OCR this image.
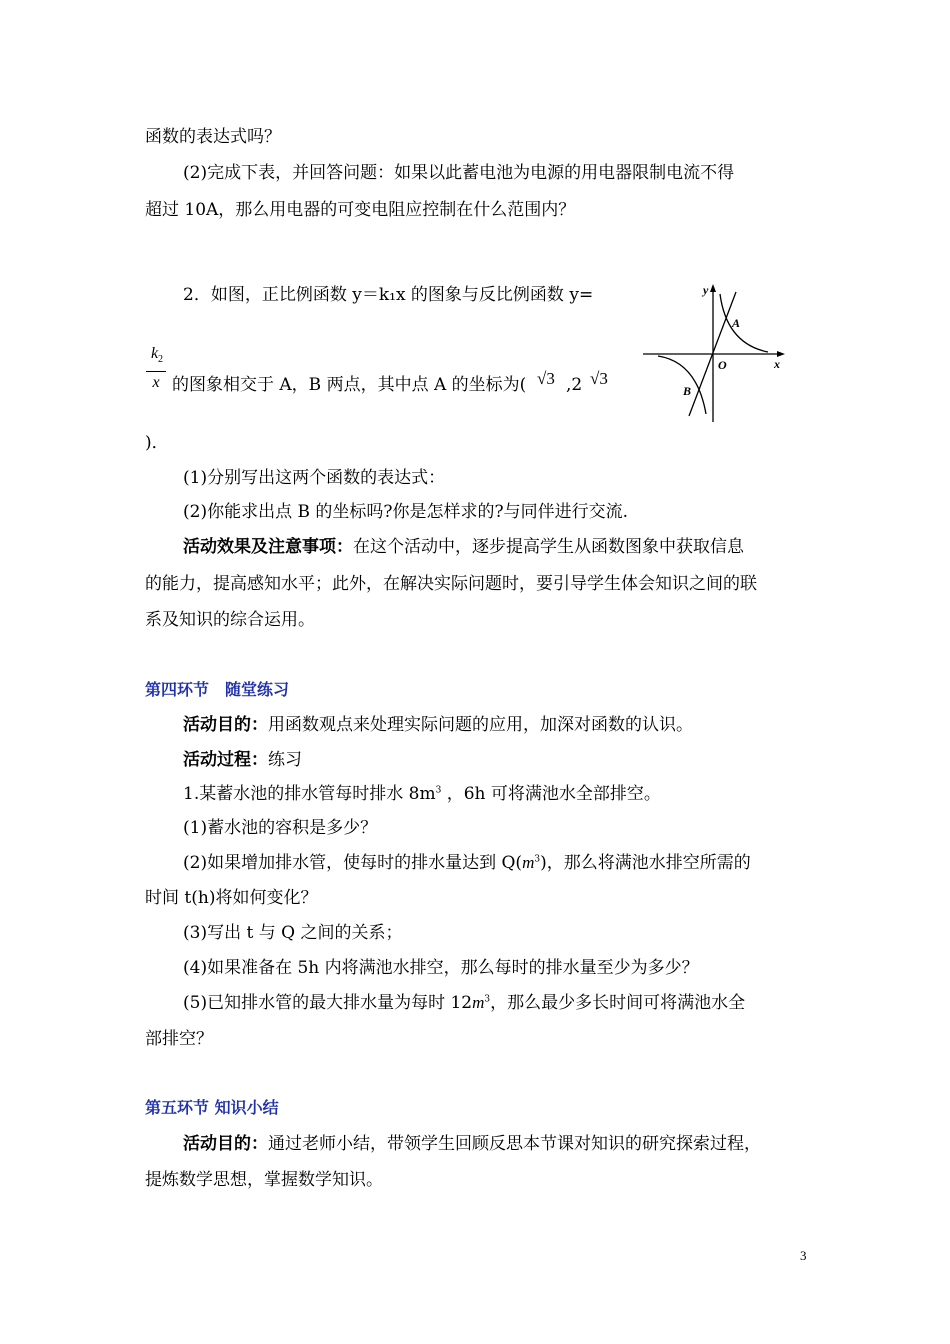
函数的表达式吗？
(2)完成下表，并回答问题：如果以此蓄电池为电源的用电器限制电流不得
超过 10A，那么用电器的可变电阻应控制在什么范围内？
2．如图，正比例函数 y＝k₁x 的图象与反比例函数 y=
$k_2$
x 的图象相交于 A，B 两点，其中点 A 的坐标为( √3 ,2 √3
)．
(1)分别写出这两个函数的表达式：
(2)你能求出点 B 的坐标吗?你是怎样求的?与同伴进行交流.
y
x
O
A
B
活动效果及注意事项：在这个活动中，逐步提高学生从函数图象中获取信息
的能力，提高感知水平；此外，在解决实际问题时，要引导学生体会知识之间的联
系及知识的综合运用。
第四环节　随堂练习
活动目的：用函数观点来处理实际问题的应用，加深对函数的认识。
活动过程：练习
1.某蓄水池的排水管每时排水 $8m^3$ ，6h 可将满池水全部排空。
(1)蓄水池的容积是多少？
(2)如果增加排水管，使每时的排水量达到 $Q(m^3)$，那么将满池水排空所需的
时间 t(h)将如何变化？
(3)写出 t 与 Q 之间的关系；
(4)如果准备在 5h 内将满池水排空，那么每时的排水量至少为多少？
(5)已知排水管的最大排水量为每时 $12m^3$，那么最少多长时间可将满池水全
部排空？
第五环节 知识小结
活动目的：通过老师小结，带领学生回顾反思本节课对知识的研究探索过程，
提炼数学思想，掌握数学知识。
3
